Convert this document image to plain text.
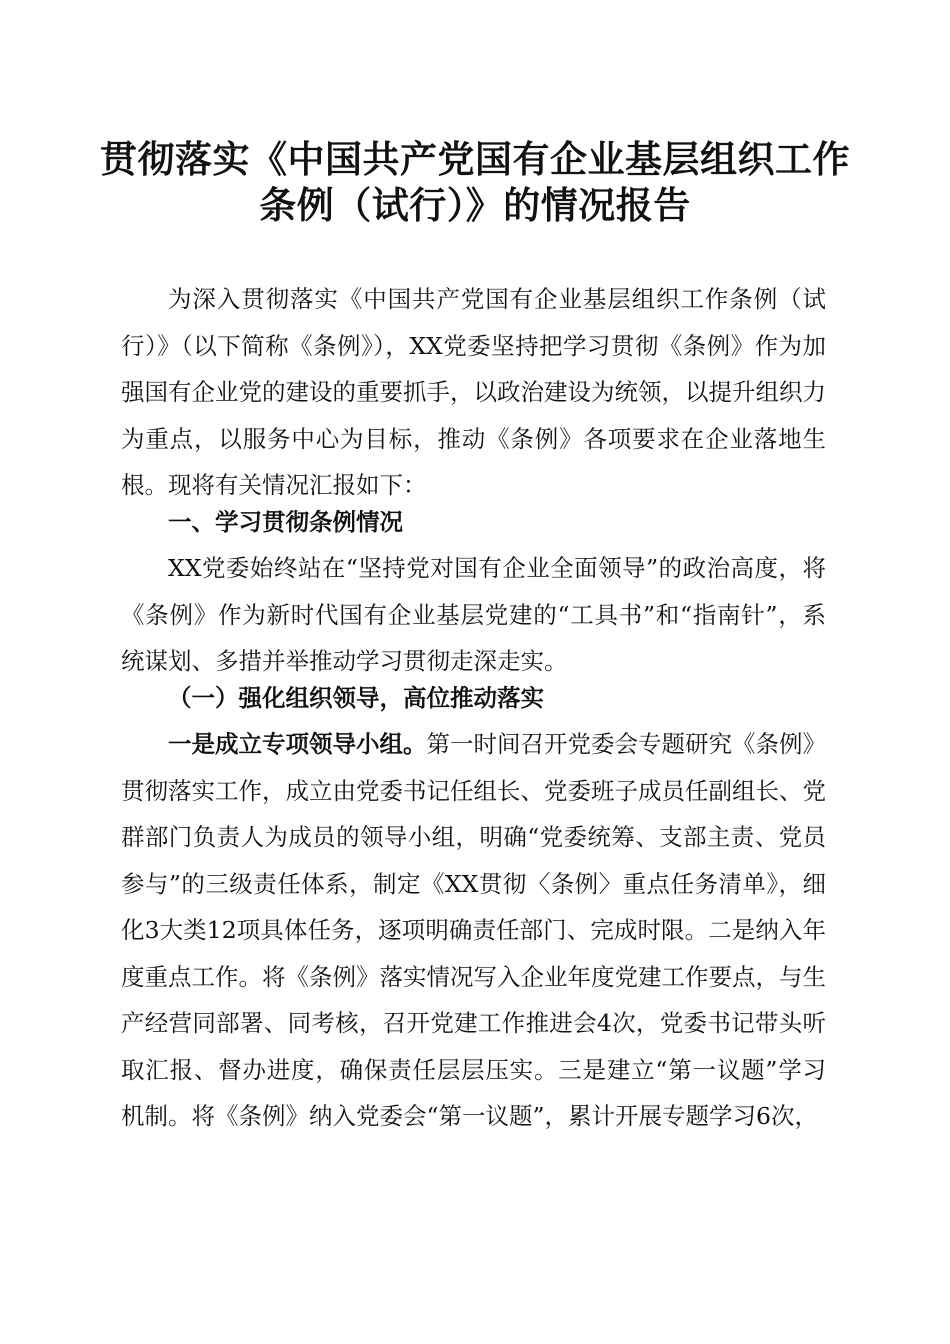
贯彻落实《中国共产党国有企业基层组织工作
条例（试行）》的情况报告

为深入贯彻落实《中国共产党国有企业基层组织工作条例（试行）》（以下简称《条例》），XX党委坚持把学习贯彻《条例》作为加强国有企业党的建设的重要抓手，以政治建设为统领，以提升组织力为重点，以服务中心为目标，推动《条例》各项要求在企业落地生根。现将有关情况汇报如下：

一、学习贯彻条例情况

XX党委始终站在“坚持党对国有企业全面领导”的政治高度，将《条例》作为新时代国有企业基层党建的“工具书”和“指南针”，系统谋划、多措并举推动学习贯彻走深走实。

（一）强化组织领导，高位推动落实

一是成立专项领导小组。第一时间召开党委会专题研究《条例》贯彻落实工作，成立由党委书记任组长、党委班子成员任副组长、党群部门负责人为成员的领导小组，明确“党委统筹、支部主责、党员参与”的三级责任体系，制定《XX贯彻〈条例〉重点任务清单》，细化3大类12项具体任务，逐项明确责任部门、完成时限。二是纳入年度重点工作。将《条例》落实情况写入企业年度党建工作要点，与生产经营同部署、同考核，召开党建工作推进会4次，党委书记带头听取汇报、督办进度，确保责任层层压实。三是建立“第一议题”学习机制。将《条例》纳入党委会“第一议题”，累计开展专题学习6次，
